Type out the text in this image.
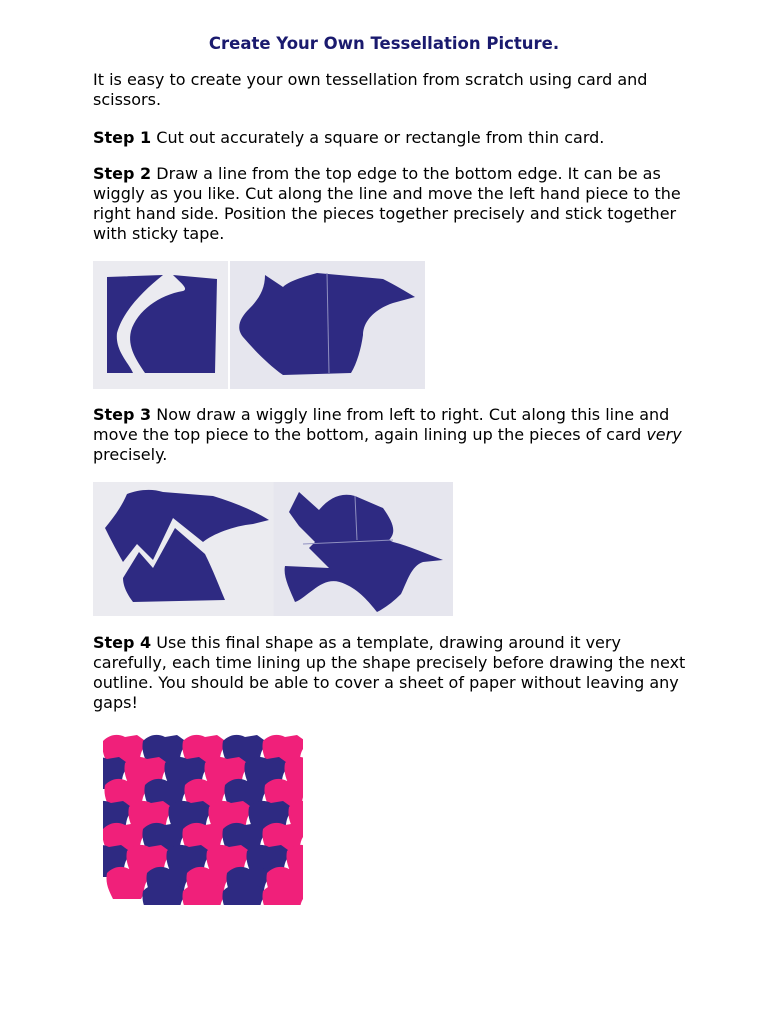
Create Your Own Tessellation Picture.

It is easy to create your own tessellation from scratch using card and scissors.

Step 1 Cut out accurately a square or rectangle from thin card.

Step 2 Draw a line from the top edge to the bottom edge. It can be as wiggly as you like. Cut along the line and move the left hand piece to the right hand side. Position the pieces together precisely and stick together with sticky tape.

Step 3 Now draw a wiggly line from left to right. Cut along this line and move the top piece to the bottom, again lining up the pieces of card very precisely.

Step 4 Use this final shape as a template, drawing around it very carefully, each time lining up the shape precisely before drawing the next outline. You should be able to cover a sheet of paper without leaving any gaps!
